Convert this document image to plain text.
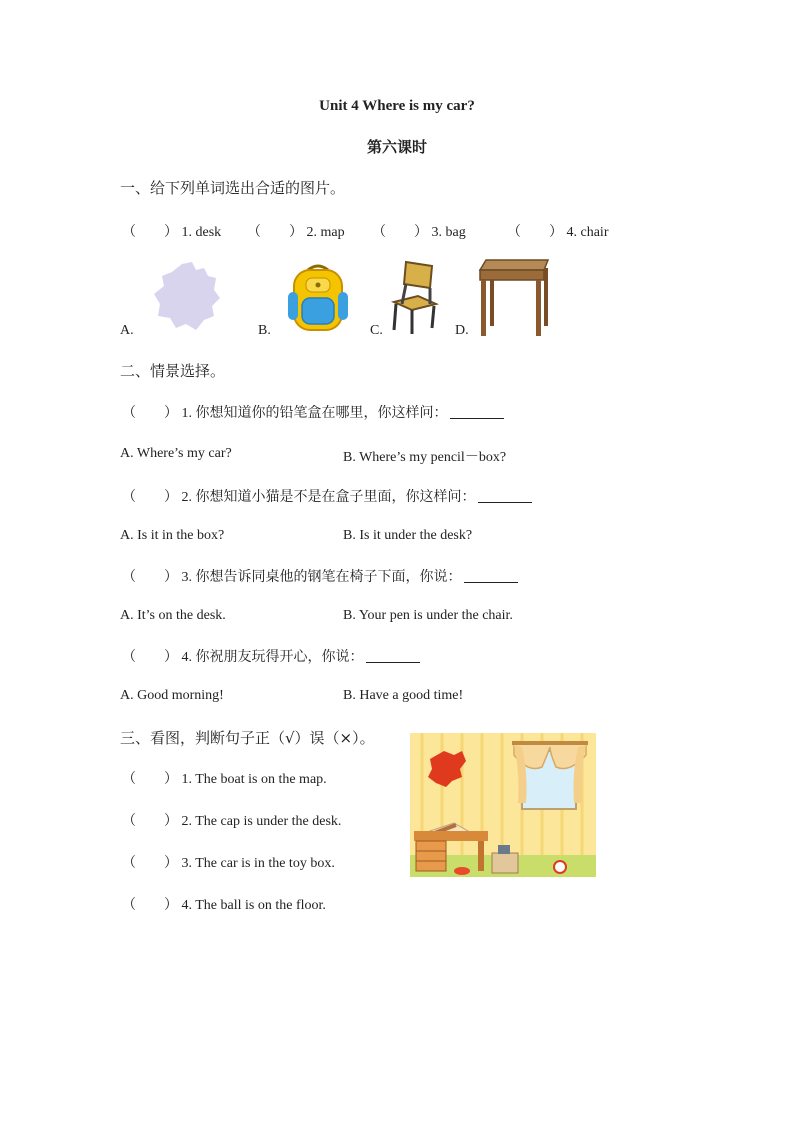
Unit 4 Where is my car?
第六课时
一、给下列单词选出合适的图片。
（　　） 1. desk （　　） 2. map （　　） 3. bag	（　　） 4. chair
A.	B.	C.	D.
二、情景选择。
（　　） 1. 你想知道你的铅笔盒在哪里，你这样问：
A. Where’s my car?	B. Where’s my pencil－box?
（　　） 2. 你想知道小猫是不是在盒子里面，你这样问：
A. Is it in the box?	B. Is it under the desk?
（　　） 3. 你想告诉同桌他的钢笔在椅子下面，你说：
A. It’s on the desk.	B. Your pen is under the chair.
（　　） 4. 你祝朋友玩得开心，你说：
A. Good morning!	B. Have a good time!
三、看图，判断句子正（√）误（×）。
（　　） 1. The boat is on the map.
（　　） 2. The cap is under the desk.
（　　） 3. The car is in the toy box.
（　　） 4. The ball is on the floor.
